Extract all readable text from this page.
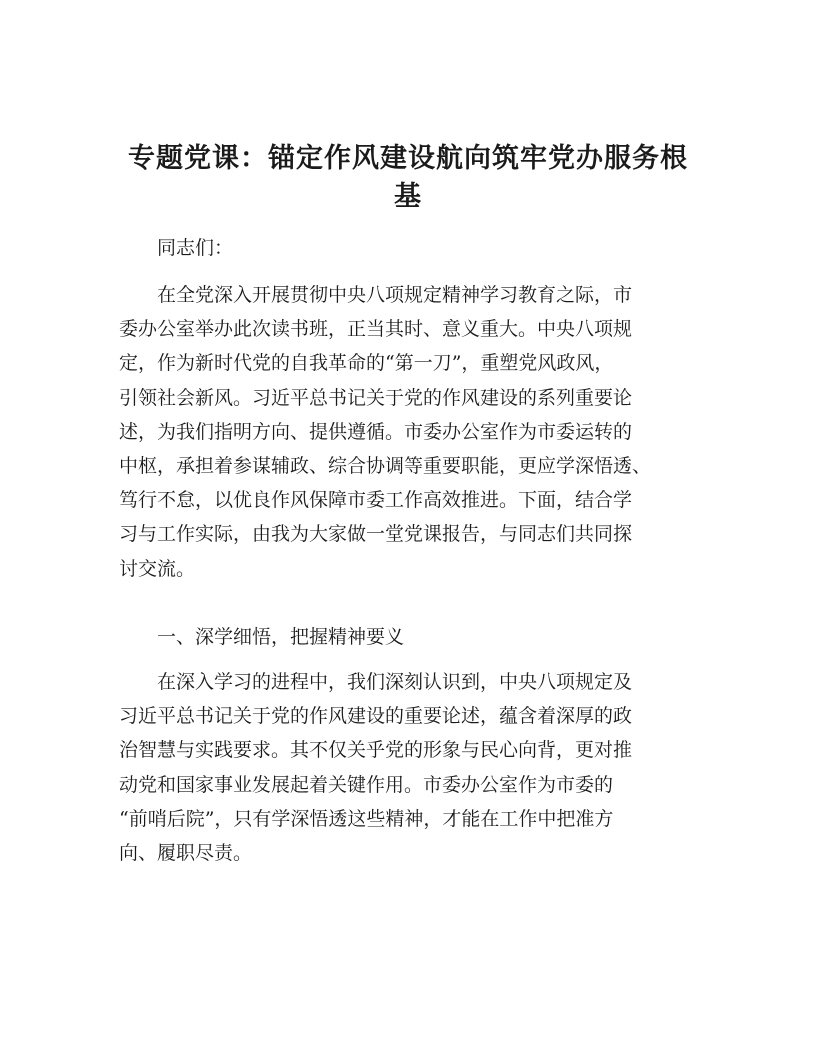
专题党课：锚定作风建设航向筑牢党办服务根
基
　　同志们：
　　在全党深入开展贯彻中央八项规定精神学习教育之际，市
委办公室举办此次读书班，正当其时、意义重大。中央八项规
定，作为新时代党的自我革命的“第一刀”，重塑党风政风，
引领社会新风。习近平总书记关于党的作风建设的系列重要论
述，为我们指明方向、提供遵循。市委办公室作为市委运转的
中枢，承担着参谋辅政、综合协调等重要职能，更应学深悟透、
笃行不怠，以优良作风保障市委工作高效推进。下面，结合学
习与工作实际，由我为大家做一堂党课报告，与同志们共同探
讨交流。
　　一、深学细悟，把握精神要义
　　在深入学习的进程中，我们深刻认识到，中央八项规定及
习近平总书记关于党的作风建设的重要论述，蕴含着深厚的政
治智慧与实践要求。其不仅关乎党的形象与民心向背，更对推
动党和国家事业发展起着关键作用。市委办公室作为市委的
“前哨后院”，只有学深悟透这些精神，才能在工作中把准方
向、履职尽责。
